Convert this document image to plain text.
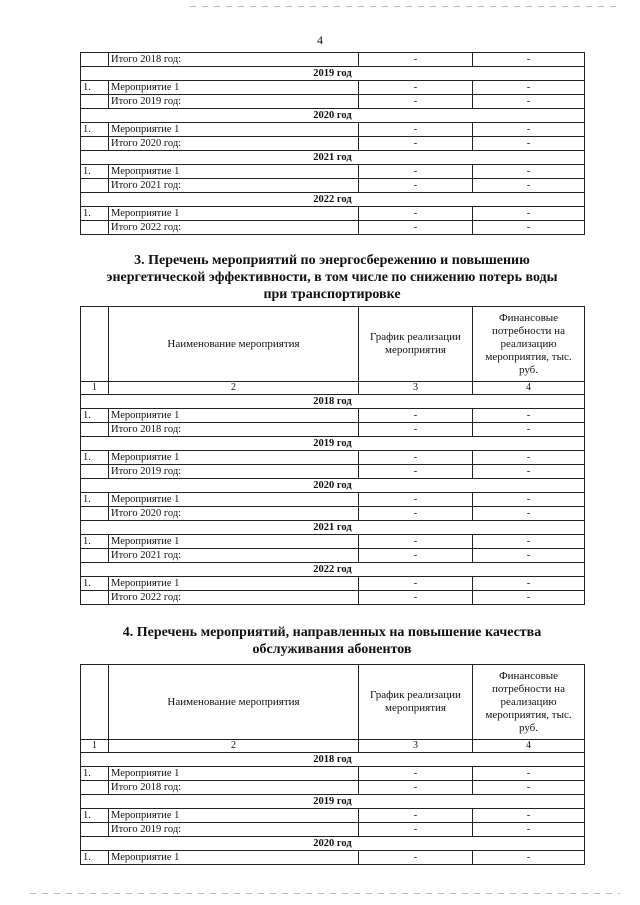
4
	Итого 2018 год:	-	-
2019 год			
1.	Мероприятие 1	-	-
	Итого 2019 год:	-	-
2020 год			
1.	Мероприятие 1	-	-
	Итого 2020 год:	-	-
2021 год			
1.	Мероприятие 1	-	-
	Итого 2021 год:	-	-
2022 год			
1.	Мероприятие 1	-	-
	Итого 2022 год:	-	-
3. Перечень мероприятий по энергосбережению и повышению
энергетической эффективности, в том числе по снижению потерь воды
при транспортировке
	Наименование мероприятия	График реализации мероприятия	Финансовые потребности на реализацию мероприятия, тыс. руб.
1	2	3	4
2018 год			
1.	Мероприятие 1	-	-
	Итого 2018 год:	-	-
2019 год			
1.	Мероприятие 1	-	-
	Итого 2019 год:	-	-
2020 год			
1.	Мероприятие 1	-	-
	Итого 2020 год:	-	-
2021 год			
1.	Мероприятие 1	-	-
	Итого 2021 год:	-	-
2022 год			
1.	Мероприятие 1	-	-
	Итого 2022 год:	-	-
4. Перечень мероприятий, направленных на повышение качества
обслуживания абонентов
	Наименование мероприятия	График реализации мероприятия	Финансовые потребности на реализацию мероприятия, тыс. руб.
1	2	3	4
2018 год			
1.	Мероприятие 1	-	-
	Итого 2018 год:	-	-
2019 год			
1.	Мероприятие 1	-	-
	Итого 2019 год:	-	-
2020 год			
1.	Мероприятие 1	-	-
